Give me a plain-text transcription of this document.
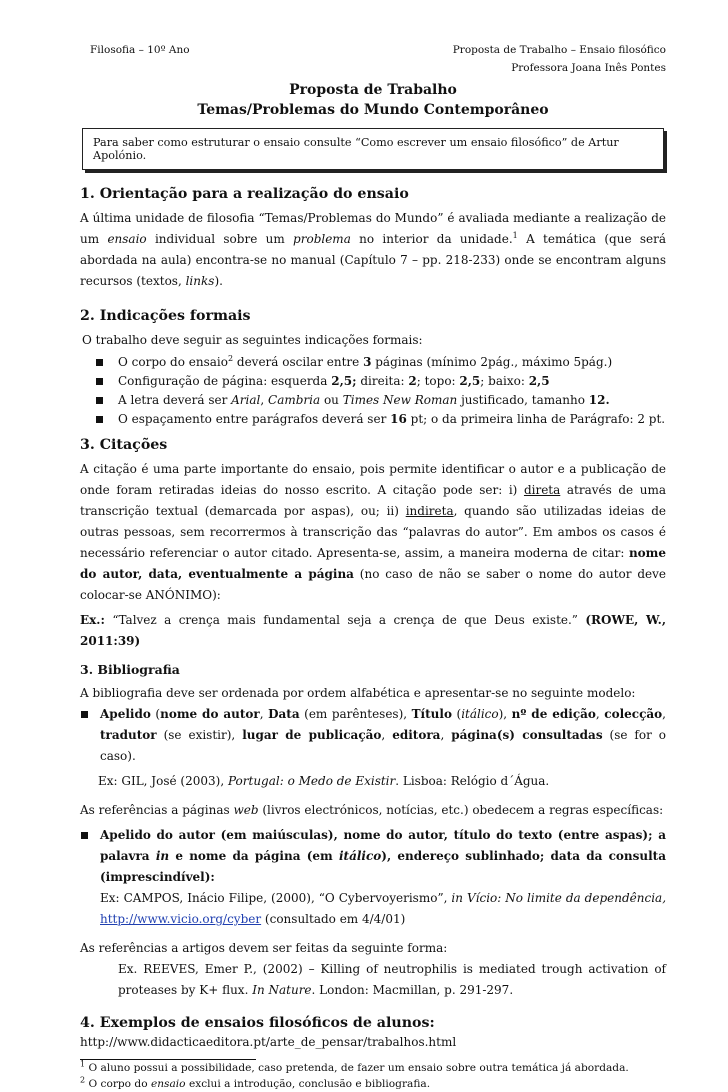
Filosofia – 10º Ano	Proposta de Trabalho – Ensaio filosófico
Professora Joana Inês Pontes
Proposta de Trabalho
Temas/Problemas do Mundo Contemporâneo
Para saber como estruturar o ensaio consulte “Como escrever um ensaio filosófico” de Artur Apolónio.
1. Orientação para a realização do ensaio

A última unidade de filosofia “Temas/Problemas do Mundo” é avaliada mediante a realização de um ensaio individual sobre um problema no interior da unidade.$^1$ A temática (que será abordada na aula) encontra-se no manual (Capítulo 7 – pp. 218-233) onde se encontram alguns recursos (textos, links).

2. Indicações formais

O trabalho deve seguir as seguintes indicações formais:

O corpo do ensaio$^2$ deverá oscilar entre 3 páginas (mínimo 2pág., máximo 5pág.)
Configuração de página: esquerda 2,5; direita: 2; topo: 2,5; baixo: 2,5
A letra deverá ser Arial, Cambria ou Times New Roman justificado, tamanho 12.
O espaçamento entre parágrafos deverá ser 16 pt; o da primeira linha de Parágrafo: 2 pt.
3. Citações

A citação é uma parte importante do ensaio, pois permite identificar o autor e a publicação de onde foram retiradas ideias do nosso escrito. A citação pode ser: i) direta através de uma transcrição textual (demarcada por aspas), ou; ii) indireta, quando são utilizadas ideias de outras pessoas, sem recorrermos à transcrição das “palavras do autor”. Em ambos os casos é necessário referenciar o autor citado. Apresenta-se, assim, a maneira moderna de citar: nome do autor, data, eventualmente a página (no caso de não se saber o nome do autor deve colocar-se ANÓNIMO):

Ex.: “Talvez a crença mais fundamental seja a crença de que Deus existe.” (ROWE, W., 2011:39)

3. Bibliografia

A bibliografia deve ser ordenada por ordem alfabética e apresentar-se no seguinte modelo:

Apelido (nome do autor, Data (em parênteses), Título (itálico), nº de edição, colecção, tradutor (se existir), lugar de publicação, editora, página(s) consultadas (se for o caso).
Ex: GIL, José (2003), Portugal: o Medo de Existir. Lisboa: Relógio d´Água.

As referências a páginas web (livros electrónicos, notícias, etc.) obedecem a regras específicas:

Apelido do autor (em maiúsculas), nome do autor, título do texto (entre aspas); a palavra in e nome da página (em itálico), endereço sublinhado; data da consulta (imprescindível):
Ex: CAMPOS, Inácio Filipe, (2000), “O Cybervoyerismo”, in Vício: No limite da dependência, http://www.vicio.org/cyber (consultado em 4/4/01)

As referências a artigos devem ser feitas da seguinte forma:

Ex. REEVES, Emer P., (2002) – Killing of neutrophilis is mediated trough activation of proteases by K+ flux. In Nature. London: Macmillan, p. 291-297.
4. Exemplos de ensaios filosóficos de alunos:
http://www.didacticaeditora.pt/arte_de_pensar/trabalhos.html
$^1$ O aluno possui a possibilidade, caso pretenda, de fazer um ensaio sobre outra temática já abordada.
$^2$ O corpo do ensaio exclui a introdução, conclusão e bibliografia.
